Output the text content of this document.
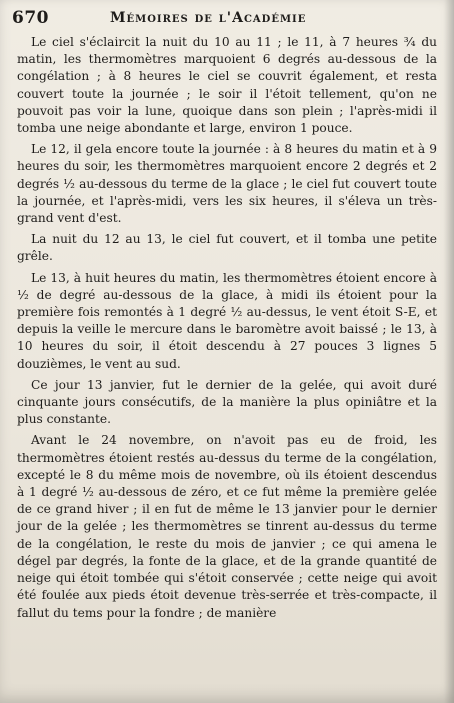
670	Mémoires de l'Académie

Le ciel s'éclaircit la nuit du 10 au 11 ; le 11, à 7 heures ¾ du matin, les thermomètres marquoient 6 degrés au-dessous de la congélation ; à 8 heures le ciel se couvrit également, et resta couvert toute la journée ; le soir il l'étoit tellement, qu'on ne pouvoit pas voir la lune, quoique dans son plein ; l'après-midi il tomba une neige abondante et large, environ 1 pouce.

Le 12, il gela encore toute la journée : à 8 heures du matin et à 9 heures du soir, les thermomètres marquoient encore 2 degrés et 2 degrés ½ au-dessous du terme de la glace ; le ciel fut couvert toute la journée, et l'après-midi, vers les six heures, il s'éleva un très-grand vent d'est.

La nuit du 12 au 13, le ciel fut couvert, et il tomba une petite grêle.

Le 13, à huit heures du matin, les thermomètres étoient encore à ½ de degré au-dessous de la glace, à midi ils étoient pour la première fois remontés à 1 degré ½ au-dessus, le vent étoit S-E, et depuis la veille le mercure dans le baromètre avoit baissé ; le 13, à 10 heures du soir, il étoit descendu à 27 pouces 3 lignes 5 douzièmes, le vent au sud.

Ce jour 13 janvier, fut le dernier de la gelée, qui avoit duré cinquante jours consécutifs, de la manière la plus opiniâtre et la plus constante.

Avant le 24 novembre, on n'avoit pas eu de froid, les thermomètres étoient restés au-dessus du terme de la congélation, excepté le 8 du même mois de novembre, où ils étoient descendus à 1 degré ½ au-dessous de zéro, et ce fut même la première gelée de ce grand hiver ; il en fut de même le 13 janvier pour le dernier jour de la gelée ; les thermomètres se tinrent au-dessus du terme de la congélation, le reste du mois de janvier ; ce qui amena le dégel par degrés, la fonte de la glace, et de la grande quantité de neige qui étoit tombée qui s'étoit conservée ; cette neige qui avoit été foulée aux pieds étoit devenue très-serrée et très-compacte, il fallut du tems pour la fondre ; de manière
